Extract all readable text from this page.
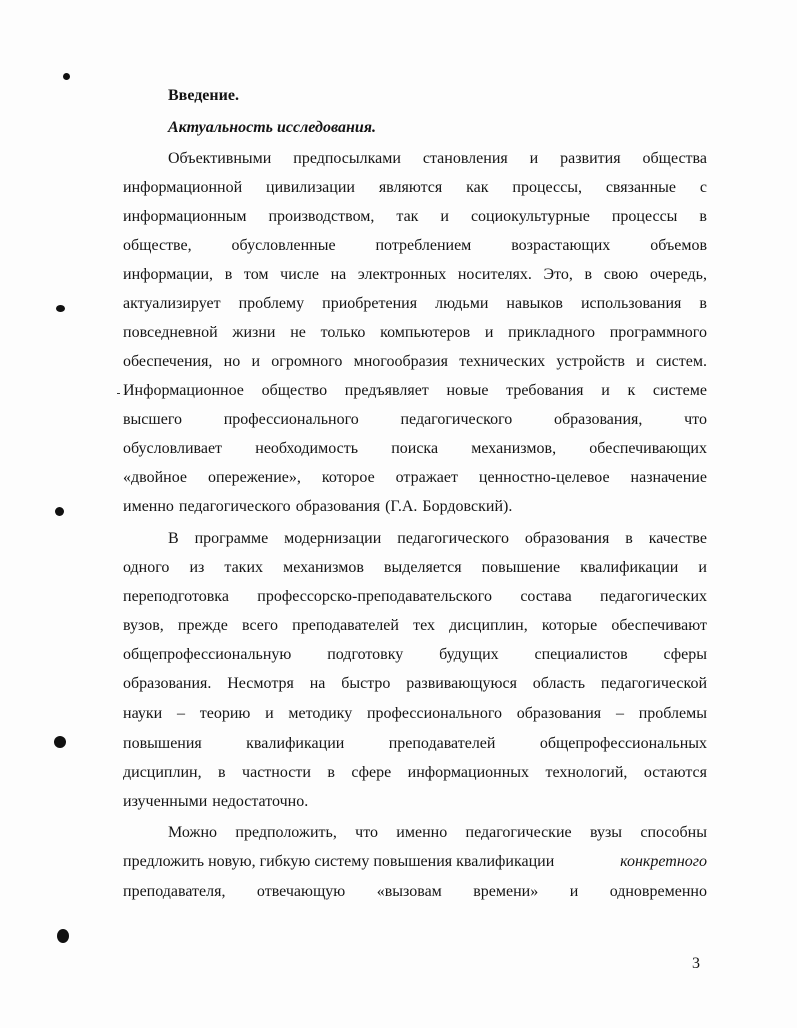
Введение.

Актуальность исследования.

Объективными предпосылками становления и развития общества
информационной цивилизации являются как процессы, связанные с
информационным производством, так и социокультурные процессы в
обществе, обусловленные потреблением возрастающих объемов
информации, в том числе на электронных носителях. Это, в свою очередь,
актуализирует проблему приобретения людьми навыков использования в
повседневной жизни не только компьютеров и прикладного программного
обеспечения, но и огромного многообразия технических устройств и систем.
Информационное общество предъявляет новые требования и к системе
высшего	профессионального	педагогического	образования,	что
обусловливает необходимость поиска механизмов, обеспечивающих
«двойное опережение», которое отражает ценностно-целевое назначение
именно педагогического образования (Г.А. Бордовский).
В программе модернизации педагогического образования в качестве
одного из таких механизмов выделяется повышение квалификации и
переподготовка профессорско-преподавательского состава педагогических
вузов, прежде всего преподавателей тех дисциплин, которые обеспечивают
общепрофессиональную подготовку будущих специалистов сферы
образования. Несмотря на быстро развивающуюся область педагогической
науки – теорию и методику профессионального образования – проблемы
повышения	квалификации	преподавателей	общепрофессиональных
дисциплин, в частности в сфере информационных технологий, остаются
изученными недостаточно.
Можно предположить, что именно педагогические вузы способны
предложить новую, гибкую систему повышения квалификации	конкретного
преподавателя, отвечающую «вызовам времени» и одновременно

3
